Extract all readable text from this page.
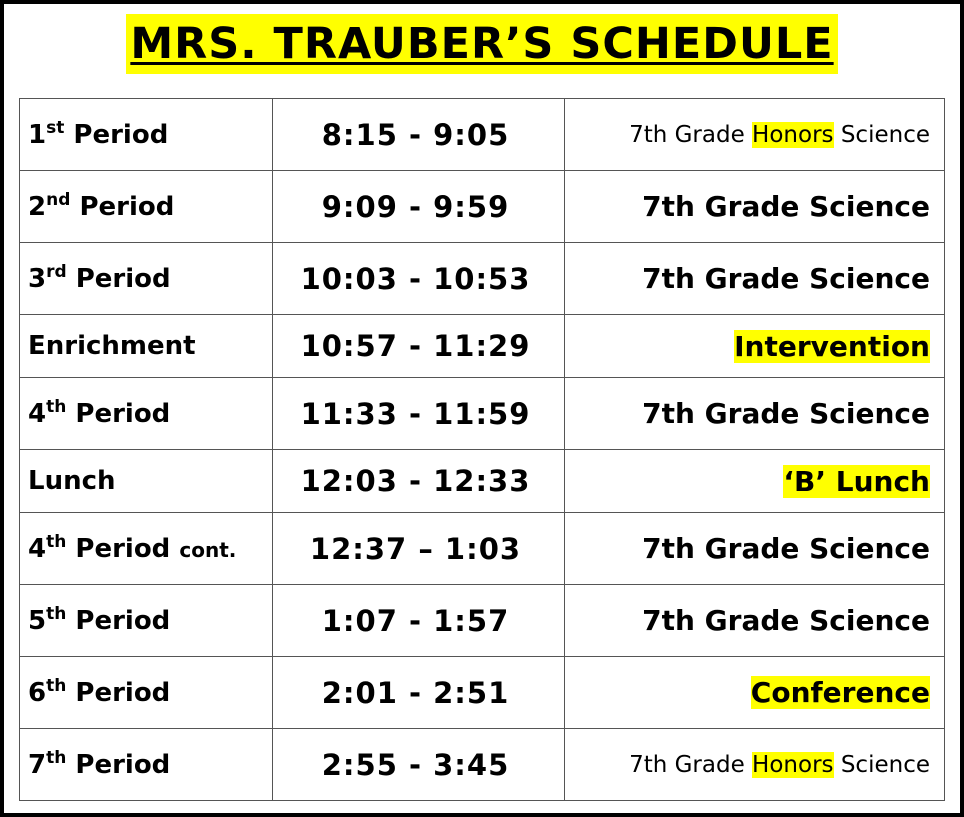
MRS. TRAUBER’S SCHEDULE
1st Period	8:15 - 9:05	7th Grade Honors Science
2nd Period	9:09 - 9:59	7th Grade Science
3rd Period	10:03 - 10:53	7th Grade Science
Enrichment	10:57 - 11:29	Intervention
4th Period	11:33 - 11:59	7th Grade Science
Lunch	12:03 - 12:33	‘B’ Lunch
4th Period cont.	12:37 – 1:03	7th Grade Science
5th Period	1:07 - 1:57	7th Grade Science
6th Period	2:01 - 2:51	Conference
7th Period	2:55 - 3:45	7th Grade Honors Science
